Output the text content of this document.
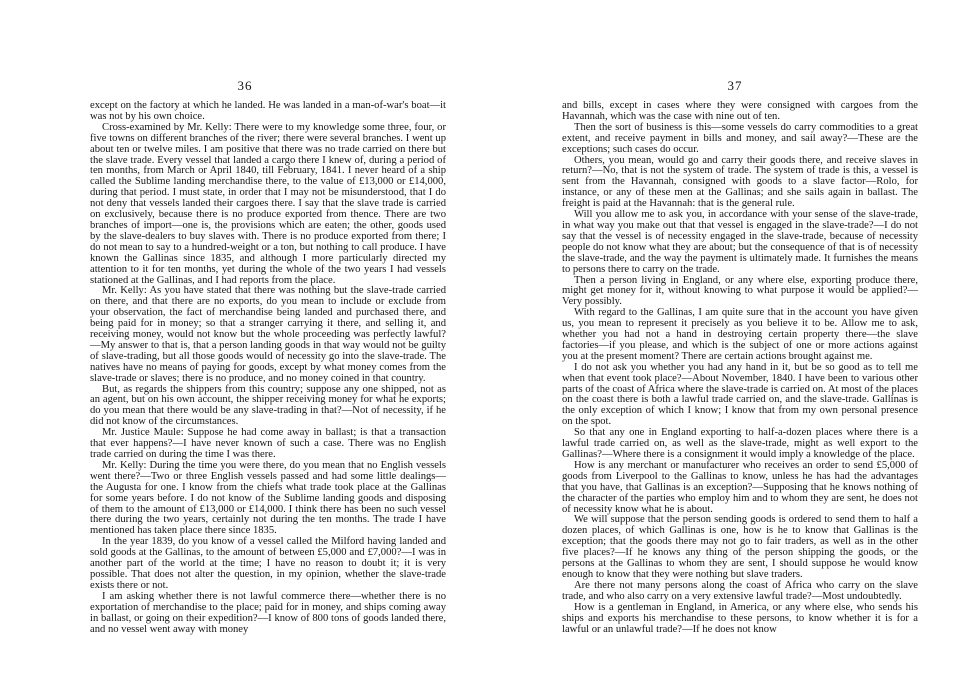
36

except on the factory at which he landed. He was landed in a man-of-war's boat—it was not by his own choice.

Cross-examined by Mr. Kelly: There were to my knowledge some three, four, or five towns on different branches of the river; there were several branches. I went up about ten or twelve miles. I am positive that there was no trade carried on there but the slave trade. Every vessel that landed a cargo there I knew of, during a period of ten months, from March or April 1840, till February, 1841. I never heard of a ship called the Sublime landing merchandise there, to the value of £13,000 or £14,000, during that period. I must state, in order that I may not be misunderstood, that I do not deny that vessels landed their cargoes there. I say that the slave trade is carried on exclusively, because there is no produce exported from thence. There are two branches of import—one is, the provisions which are eaten; the other, goods used by the slave-dealers to buy slaves with. There is no produce exported from there; I do not mean to say to a hundred-weight or a ton, but nothing to call produce. I have known the Gallinas since 1835, and although I more particularly directed my attention to it for ten months, yet during the whole of the two years I had vessels stationed at the Gallinas, and I had reports from the place.

Mr. Kelly: As you have stated that there was nothing but the slave-trade carried on there, and that there are no exports, do you mean to include or exclude from your observation, the fact of merchandise being landed and purchased there, and being paid for in money; so that a stranger carrying it there, and selling it, and receiving money, would not know but the whole proceeding was perfectly lawful?—My answer to that is, that a person landing goods in that way would not be guilty of slave-trading, but all those goods would of necessity go into the slave-trade. The natives have no means of paying for goods, except by what money comes from the slave-trade or slaves; there is no produce, and no money coined in that country.

But, as regards the shippers from this country; suppose any one shipped, not as an agent, but on his own account, the shipper receiving money for what he exports; do you mean that there would be any slave-trading in that?—Not of necessity, if he did not know of the circumstances.

Mr. Justice Maule: Suppose he had come away in ballast; is that a transaction that ever happens?—I have never known of such a case. There was no English trade carried on during the time I was there.

Mr. Kelly: During the time you were there, do you mean that no English vessels went there?—Two or three English vessels passed and had some little dealings—the Augusta for one. I know from the chiefs what trade took place at the Gallinas for some years before. I do not know of the Sublime landing goods and disposing of them to the amount of £13,000 or £14,000. I think there has been no such vessel there during the two years, certainly not during the ten months. The trade I have mentioned has taken place there since 1835.

In the year 1839, do you know of a vessel called the Milford having landed and sold goods at the Gallinas, to the amount of between £5,000 and £7,000?—I was in another part of the world at the time; I have no reason to doubt it; it is very possible. That does not alter the question, in my opinion, whether the slave-trade exists there or not.

I am asking whether there is not lawful commerce there—whether there is no exportation of merchandise to the place; paid for in money, and ships coming away in ballast, or going on their expedition?—I know of 800 tons of goods landed there, and no vessel went away with money

37

and bills, except in cases where they were consigned with cargoes from the Havannah, which was the case with nine out of ten.

Then the sort of business is this—some vessels do carry commodities to a great extent, and receive payment in bills and money, and sail away?—These are the exceptions; such cases do occur.

Others, you mean, would go and carry their goods there, and receive slaves in return?—No, that is not the system of trade. The system of trade is this, a vessel is sent from the Havannah, consigned with goods to a slave factor—Rolo, for instance, or any of these men at the Gallinas; and she sails again in ballast. The freight is paid at the Havannah: that is the general rule.

Will you allow me to ask you, in accordance with your sense of the slave-trade, in what way you make out that that vessel is engaged in the slave-trade?—I do not say that the vessel is of necessity engaged in the slave-trade, because of necessity people do not know what they are about; but the consequence of that is of necessity the slave-trade, and the way the payment is ultimately made. It furnishes the means to persons there to carry on the trade.

Then a person living in England, or any where else, exporting produce there, might get money for it, without knowing to what purpose it would be applied?—Very possibly.

With regard to the Gallinas, I am quite sure that in the account you have given us, you mean to represent it precisely as you believe it to be. Allow me to ask, whether you had not a hand in destroying certain property there—the slave factories—if you please, and which is the subject of one or more actions against you at the present moment? There are certain actions brought against me.

I do not ask you whether you had any hand in it, but be so good as to tell me when that event took place?—About November, 1840. I have been to various other parts of the coast of Africa where the slave-trade is carried on. At most of the places on the coast there is both a lawful trade carried on, and the slave-trade. Gallinas is the only exception of which I know; I know that from my own personal presence on the spot.

So that any one in England exporting to half-a-dozen places where there is a lawful trade carried on, as well as the slave-trade, might as well export to the Gallinas?—Where there is a consignment it would imply a knowledge of the place.

How is any merchant or manufacturer who receives an order to send £5,000 of goods from Liverpool to the Gallinas to know, unless he has had the advantages that you have, that Gallinas is an exception?—Supposing that he knows nothing of the character of the parties who employ him and to whom they are sent, he does not of necessity know what he is about.

We will suppose that the person sending goods is ordered to send them to half a dozen places, of which Gallinas is one, how is he to know that Gallinas is the exception; that the goods there may not go to fair traders, as well as in the other five places?—If he knows any thing of the person shipping the goods, or the persons at the Gallinas to whom they are sent, I should suppose he would know enough to know that they were nothing but slave traders.

Are there not many persons along the coast of Africa who carry on the slave trade, and who also carry on a very extensive lawful trade?—Most undoubtedly.

How is a gentleman in England, in America, or any where else, who sends his ships and exports his merchandise to these persons, to know whether it is for a lawful or an unlawful trade?—If he does not know
